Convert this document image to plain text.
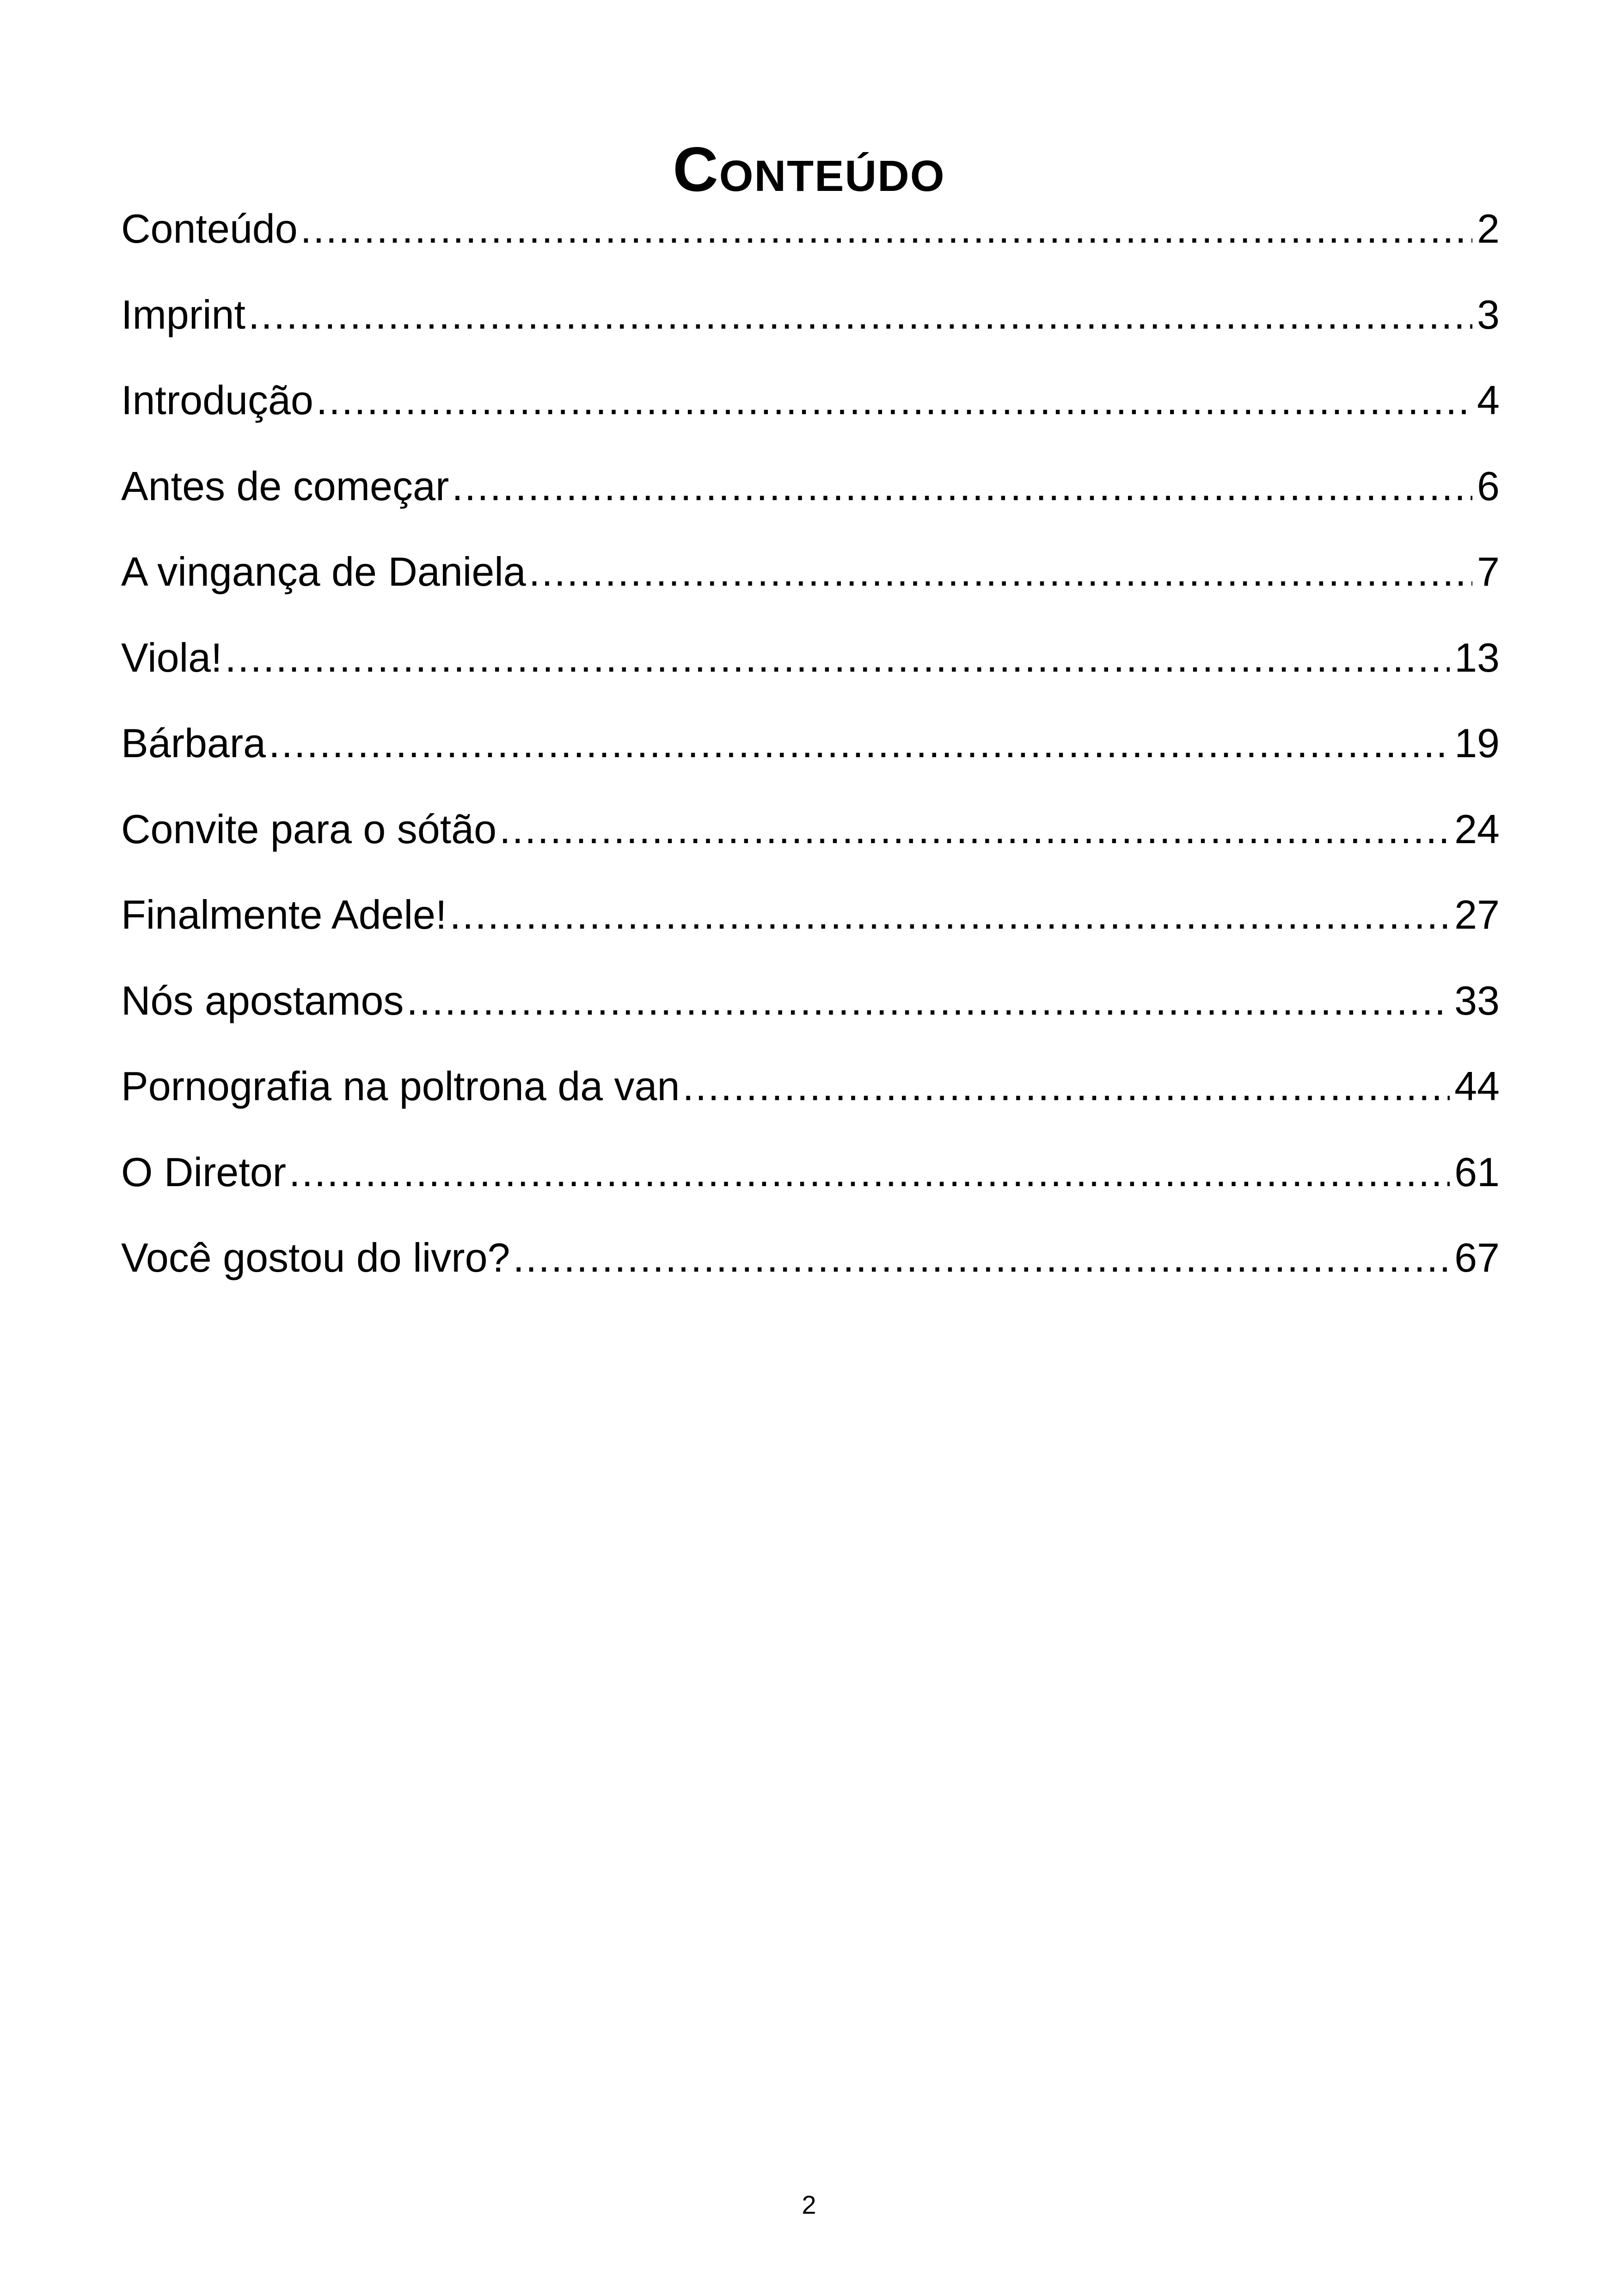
Conteúdo
Conteúdo .....	2
Imprint .....	3
Introdução .....	4
Antes de começar .....	6
A vingança de Daniela .....	7
Viola! .....	13
Bárbara .....	19
Convite para o sótão .....	24
Finalmente Adele! .....	27
Nós apostamos .....	33
Pornografia na poltrona da van .....	44
O Diretor .....	61
Você gostou do livro? .....	67
2
